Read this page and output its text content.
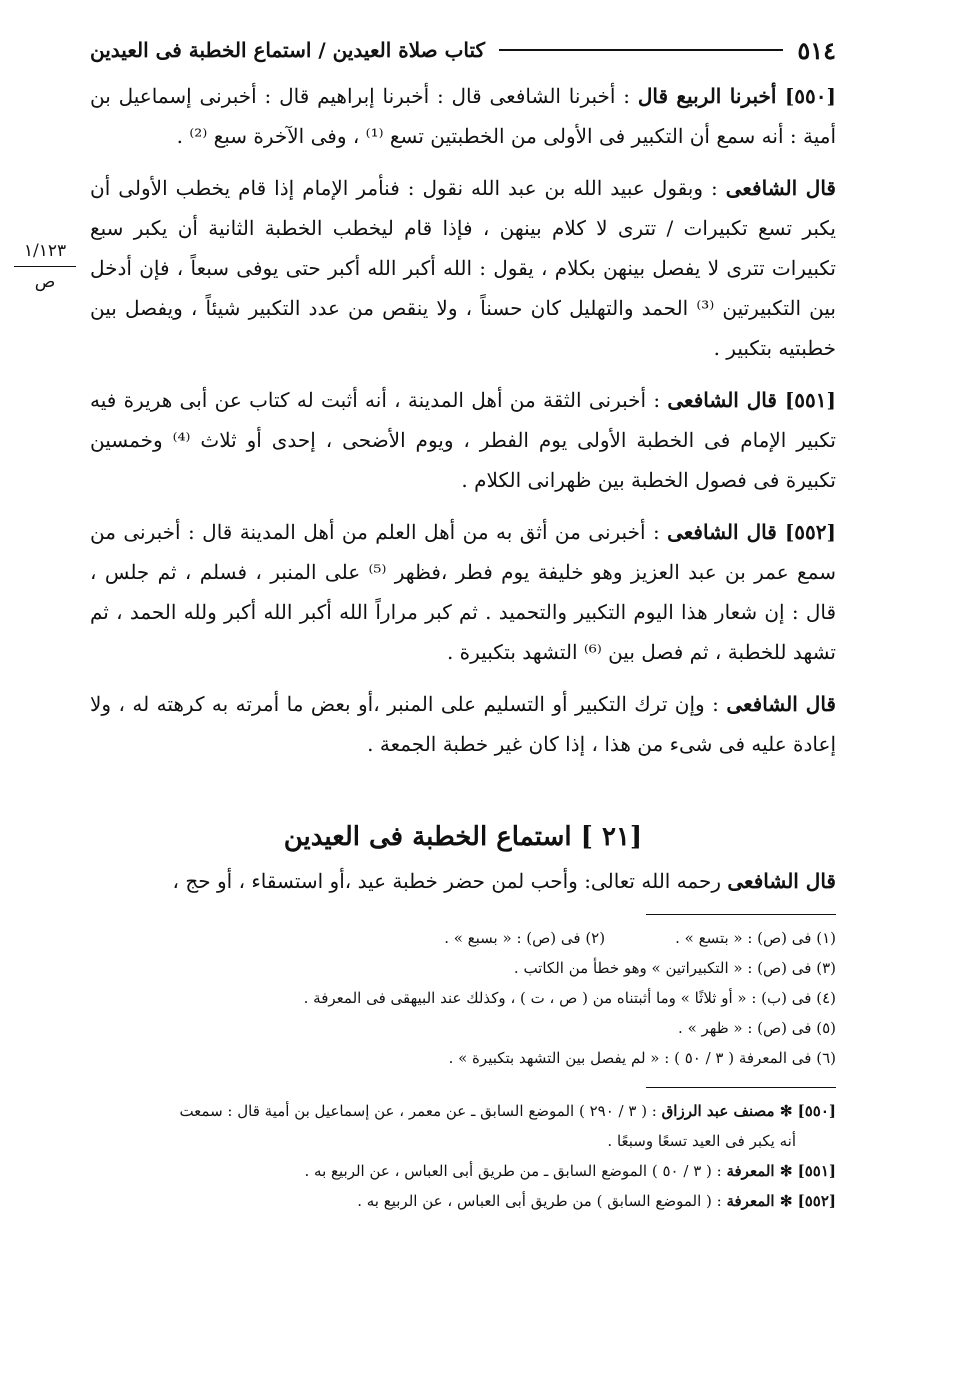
١/١٢٣
ص
٥١٤
كتاب صلاة العيدين / استماع الخطبة فى العيدين

[٥٥٠] أخبرنا الربيع قال : أخبرنا الشافعى قال : أخبرنا إبراهيم قال : أخبرنى إسماعيل بن أمية : أنه سمع أن التكبير فى الأولى من الخطبتين تسع ⁽¹⁾ ، وفى الآخرة سبع ⁽²⁾ .

قال الشافعى : وبقول عبيد الله بن عبد الله نقول : فنأمر الإمام إذا قام يخطب الأولى أن يكبر تسع تكبيرات / تترى لا كلام بينهن ، فإذا قام ليخطب الخطبة الثانية أن يكبر سبع تكبيرات تترى لا يفصل بينهن بكلام ، يقول : الله أكبر الله أكبر حتى يوفى سبعاً ، فإن أدخل بين التكبيرتين ⁽³⁾ الحمد والتهليل كان حسناً ، ولا ينقص من عدد التكبير شيئاً ، ويفصل بين خطبتيه بتكبير .

[٥٥١] قال الشافعى : أخبرنى الثقة من أهل المدينة ، أنه أثبت له كتاب عن أبى هريرة فيه تكبير الإمام فى الخطبة الأولى يوم الفطر ، ويوم الأضحى ، إحدى أو ثلاث ⁽⁴⁾ وخمسين تكبيرة فى فصول الخطبة بين ظهرانى الكلام .

[٥٥٢] قال الشافعى : أخبرنى من أثق به من أهل العلم من أهل المدينة قال : أخبرنى من سمع عمر بن عبد العزيز وهو خليفة يوم فطر ،فظهر ⁽⁵⁾ على المنبر ، فسلم ، ثم جلس ، قال : إن شعار هذا اليوم التكبير والتحميد . ثم كبر مراراً الله أكبر الله أكبر ولله الحمد ، ثم تشهد للخطبة ، ثم فصل بين ⁽⁶⁾ التشهد بتكبيرة .

قال الشافعى : وإن ترك التكبير أو التسليم على المنبر ،أو بعض ما أمرته به كرهته له ، ولا إعادة عليه فى شىء من هذا ، إذا كان غير خطبة الجمعة .

[٢١ ] استماع الخطبة فى العيدين

قال الشافعى رحمه الله تعالى: وأحب لمن حضر خطبة عيد ،أو استسقاء ، أو حج ،

(١) فى (ص) : « بتسع » .
(٢) فى (ص) : « بسبع » .
(٣) فى (ص) : « التكبيراتين » وهو خطأ من الكاتب .
(٤) فى (ب) : « أو ثلاثًا » وما أثبتناه من ( ص ، ت ) ، وكذلك عند البيهقى فى المعرفة .
(٥) فى (ص) : « ظهر » .
(٦) فى المعرفة ( ٣ / ٥٠ ) : « لم يفصل بين التشهد بتكبيرة » .
[٥٥٠] ✻ مصنف عبد الرزاق : ( ٣ / ٢٩٠ ) الموضع السابق ـ عن معمر ، عن إسماعيل بن أمية قال : سمعت
أنه يكبر فى العيد تسعًا وسبعًا .
[٥٥١] ✻ المعرفة : ( ٣ / ٥٠ ) الموضع السابق ـ من طريق أبى العباس ، عن الربيع به .
[٥٥٢] ✻ المعرفة : ( الموضع السابق ) من طريق أبى العباس ، عن الربيع به .
